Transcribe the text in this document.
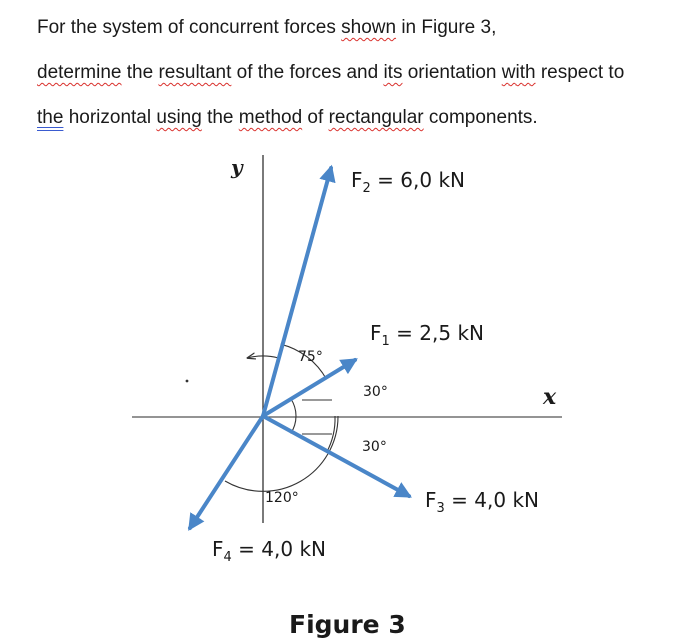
For the system of concurrent forces shown in Figure 3,
determine the resultant of the forces and its orientation with respect to
the horizontal using the method of rectangular components.
y
x
$F_2 = 6,0$ kN
$F_1 = 2,5$ kN
$F_3 = 4,0$ kN
$F_4 = 4,0$ kN
75°
30°
30°
120°
Figure 3
